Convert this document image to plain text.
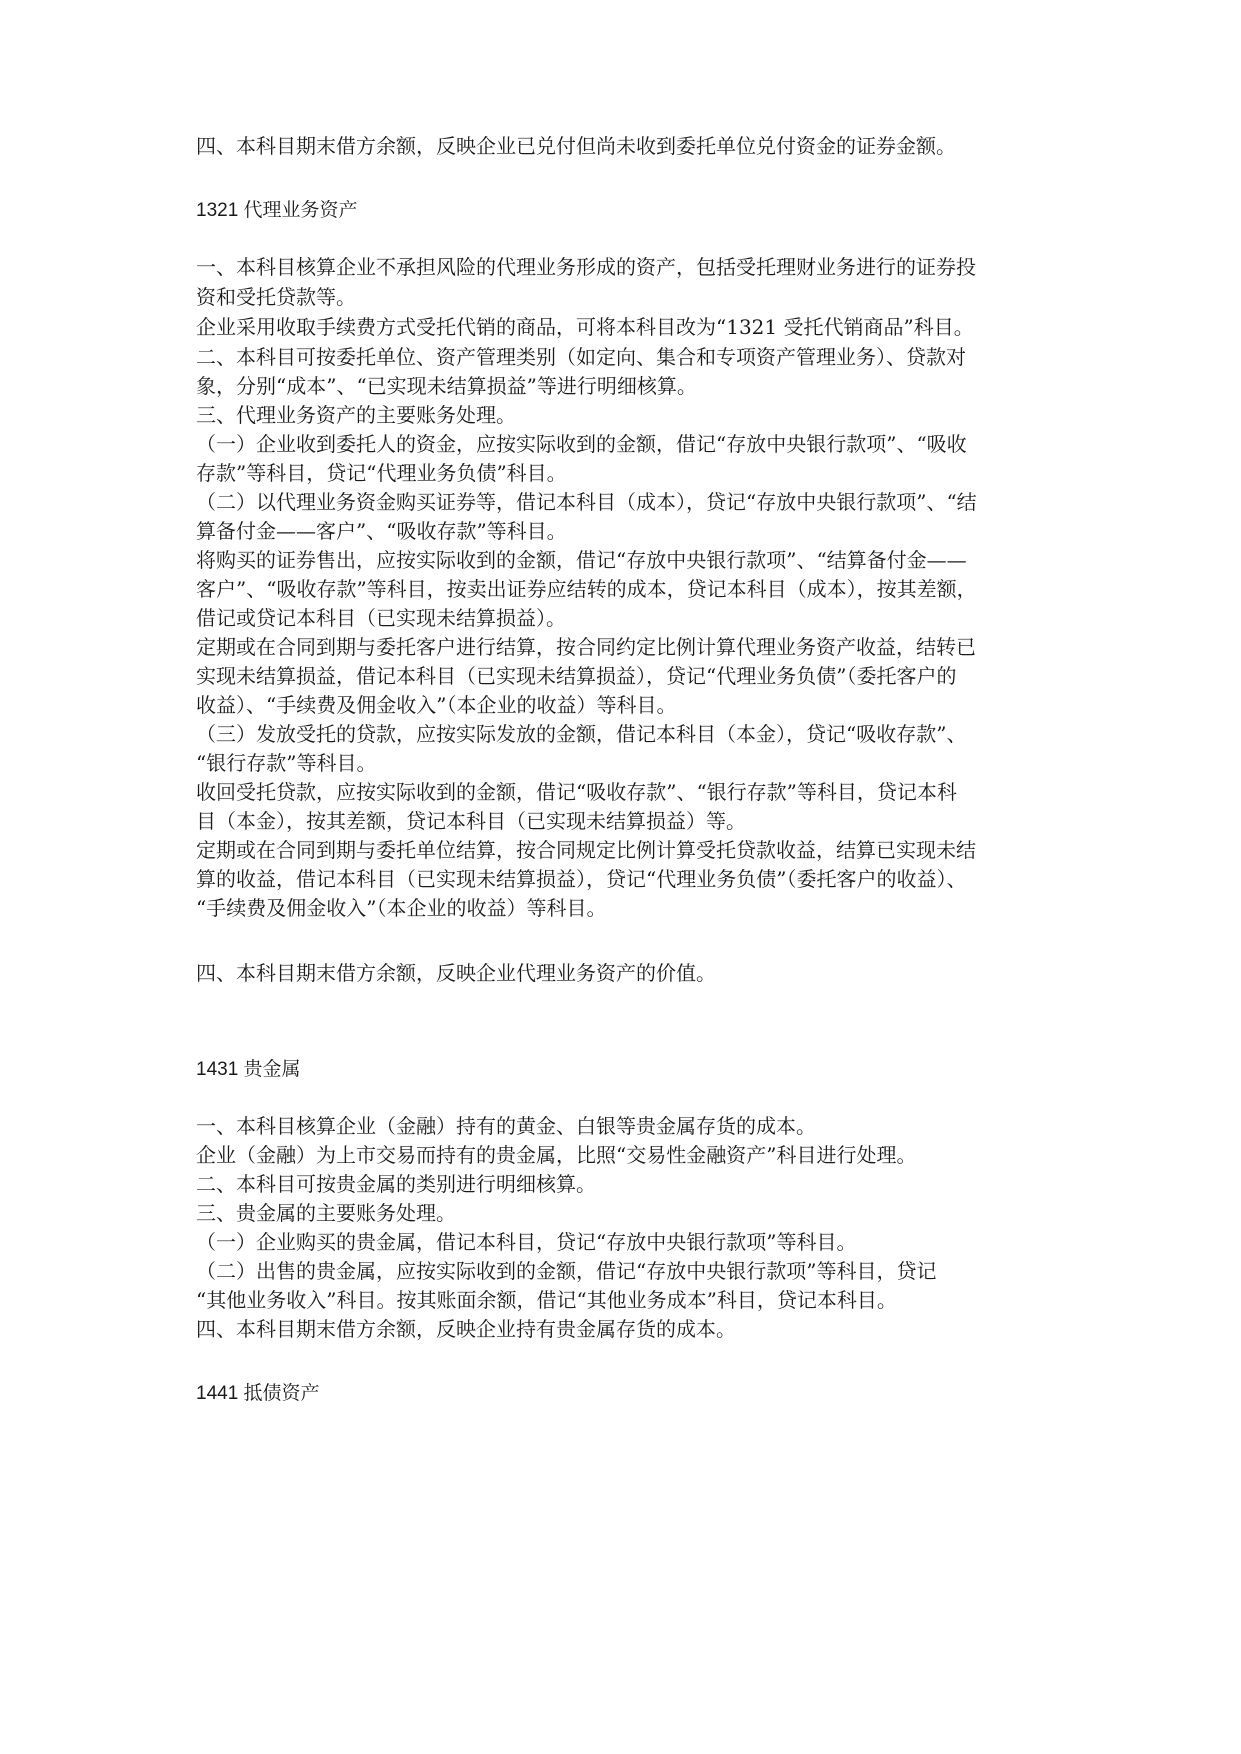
四、本科目期末借方余额，反映企业已兑付但尚未收到委托单位兑付资金的证券金额。
1321 代理业务资产
一、本科目核算企业不承担风险的代理业务形成的资产，包括受托理财业务进行的证券投
资和受托贷款等。
企业采用收取手续费方式受托代销的商品，可将本科目改为“1321 受托代销商品”科目。
二、本科目可按委托单位、资产管理类别（如定向、集合和专项资产管理业务）、贷款对
象，分别“成本”、“已实现未结算损益”等进行明细核算。
三、代理业务资产的主要账务处理。
（一）企业收到委托人的资金，应按实际收到的金额，借记“存放中央银行款项”、“吸收
存款”等科目，贷记“代理业务负债”科目。
（二）以代理业务资金购买证券等，借记本科目（成本），贷记“存放中央银行款项”、“结
算备付金——客户”、“吸收存款”等科目。
将购买的证券售出，应按实际收到的金额，借记“存放中央银行款项”、“结算备付金——
客户”、“吸收存款”等科目，按卖出证券应结转的成本，贷记本科目（成本），按其差额，
借记或贷记本科目（已实现未结算损益）。
定期或在合同到期与委托客户进行结算，按合同约定比例计算代理业务资产收益，结转已
实现未结算损益，借记本科目（已实现未结算损益），贷记“代理业务负债”（委托客户的
收益）、“手续费及佣金收入”（本企业的收益）等科目。
（三）发放受托的贷款，应按实际发放的金额，借记本科目（本金），贷记“吸收存款”、
“银行存款”等科目。
收回受托贷款，应按实际收到的金额，借记“吸收存款”、“银行存款”等科目，贷记本科
目（本金），按其差额，贷记本科目（已实现未结算损益）等。
定期或在合同到期与委托单位结算，按合同规定比例计算受托贷款收益，结算已实现未结
算的收益，借记本科目（已实现未结算损益），贷记“代理业务负债”（委托客户的收益）、
“手续费及佣金收入”（本企业的收益）等科目。
四、本科目期末借方余额，反映企业代理业务资产的价值。
1431 贵金属
一、本科目核算企业（金融）持有的黄金、白银等贵金属存货的成本。
企业（金融）为上市交易而持有的贵金属，比照“交易性金融资产”科目进行处理。
二、本科目可按贵金属的类别进行明细核算。
三、贵金属的主要账务处理。
（一）企业购买的贵金属，借记本科目，贷记“存放中央银行款项”等科目。
（二）出售的贵金属，应按实际收到的金额，借记“存放中央银行款项”等科目，贷记
“其他业务收入”科目。按其账面余额，借记“其他业务成本”科目，贷记本科目。
四、本科目期末借方余额，反映企业持有贵金属存货的成本。
1441 抵债资产
